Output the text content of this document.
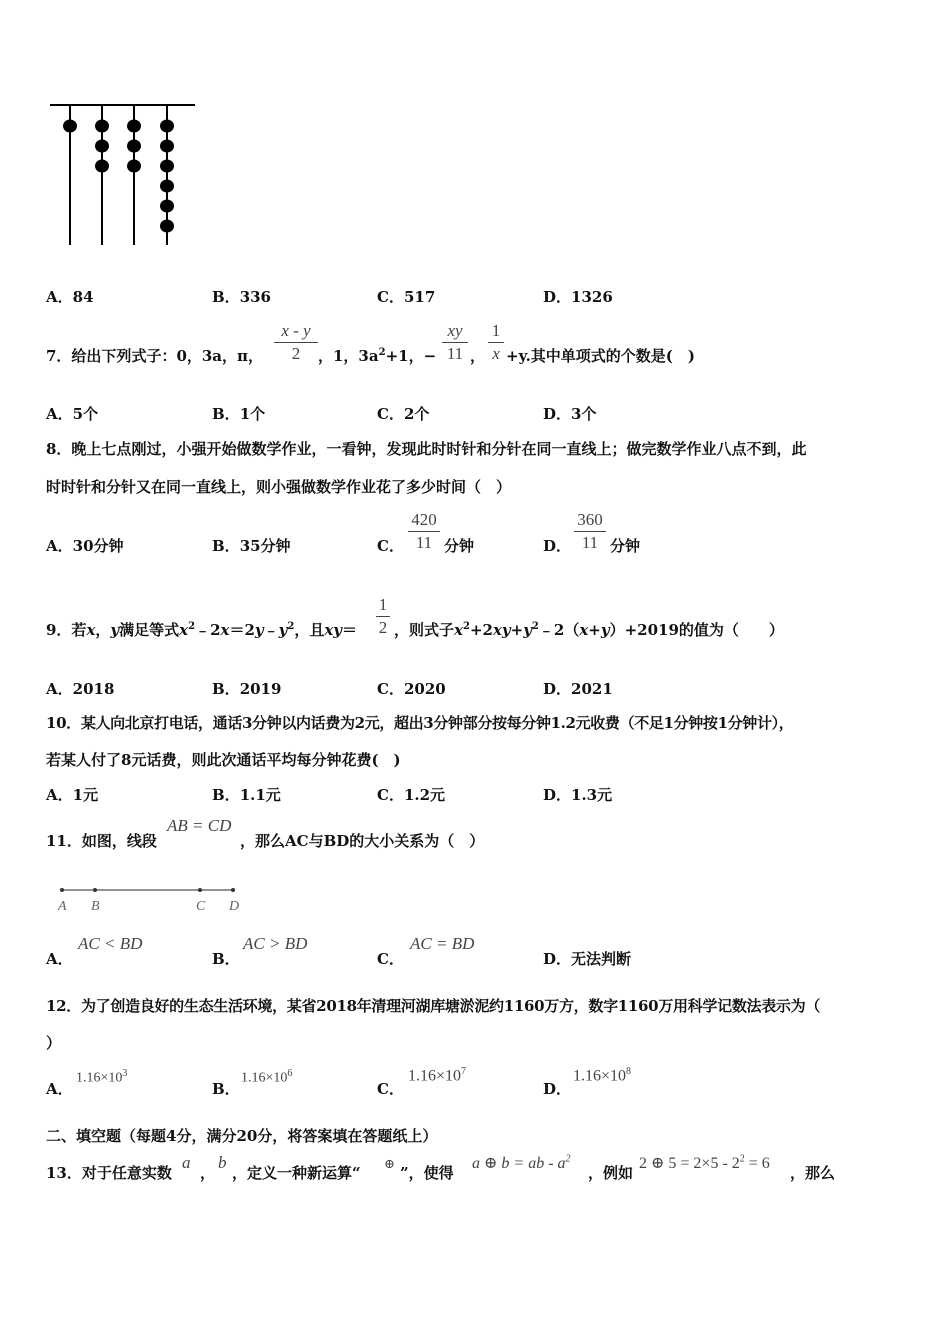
A．84	B．336	C．517	D．1326
7．给出下列式子：0，3a，π，
x - y
2	，1，$3a^2+1$，−
xy
11 ，
1
x +y.其中单项式的个数是(　)
A．5个	B．1个	C．2个	D．3个
8．晚上七点刚过，小强开始做数学作业，一看钟，发现此时时针和分针在同一直线上；做完数学作业八点不到，此
时时针和分针又在同一直线上，则小强做数学作业花了多少时间（　）
A．30分钟	B．35分钟	C．
420
11 分钟	D．
360
11 分钟
9．若x，y满足等式$x^2﹣2x=2y﹣y^2$，且xy＝
1
2 ，则式子$x^2+2xy+y^2﹣2(x+y)+2019$的值为（　　）
A．2018	B．2019	C．2020	D．2021
10．某人向北京打电话，通话3分钟以内话费为2元，超出3分钟部分按每分钟1.2元收费（不足1分钟按1分钟计），
若某人付了8元话费，则此次通话平均每分钟花费(　)
A．1元	B．1.1元	C．1.2元	D．1.3元
11．如图，线段
AB = CD
，那么AC与BD的大小关系为（　）
A B	C D
A．
AC < BD
B．
AC > BD
C．
AC = BD
D．无法判断
12．为了创造良好的生态生活环境，某省2018年清理河湖库塘淤泥约1160万方，数字1160万用科学记数法表示为（
）
A．
$1.16\times 10^3$
B．
$1.16\times 10^6$
C．
$1.16\times 10^7$
D．
$1.16\times 10^8$
二、填空题（每题4分，满分20分，将答案填在答题纸上）
13．对于任意实数
a
，
b
，定义一种新运算“
⊕
”，使得
a ⊕ b = ab - $a^2$
，例如
2 ⊕ $5 = 2\times 5 - 2^2 = 6$
，那么
